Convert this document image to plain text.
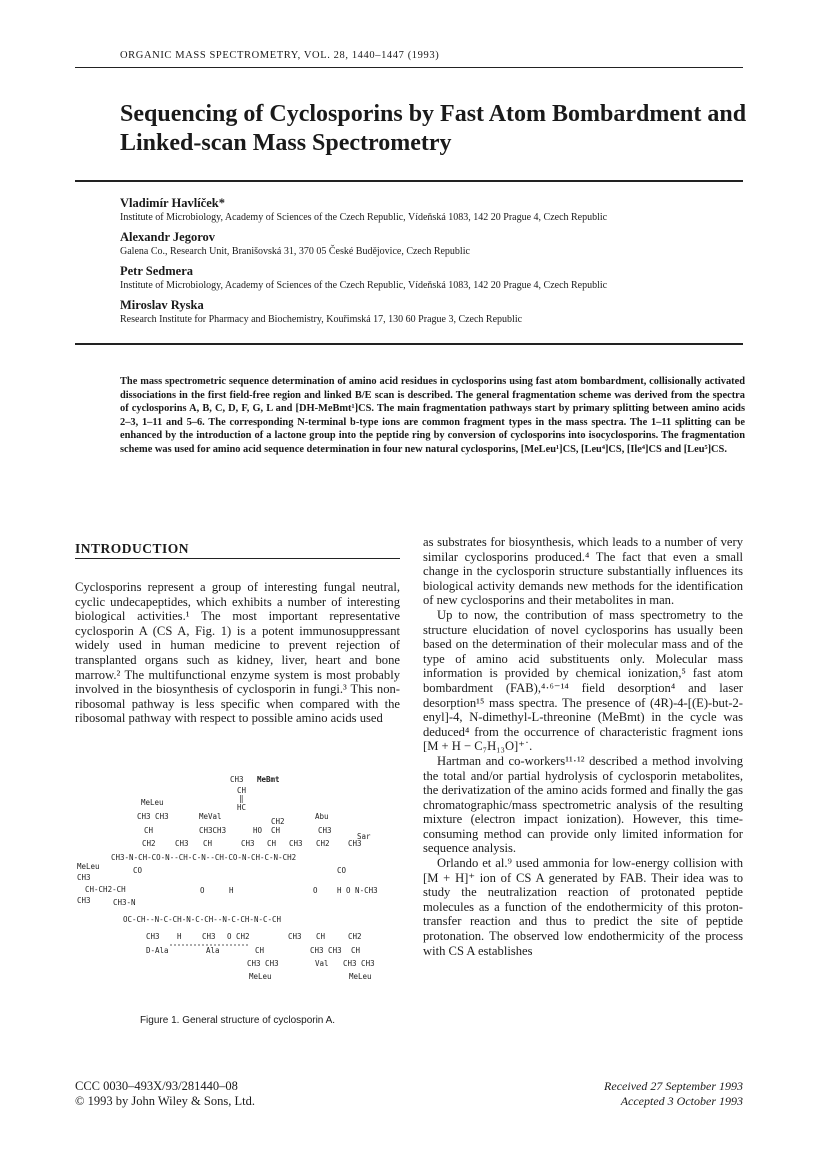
ORGANIC MASS SPECTROMETRY, VOL. 28, 1440–1447 (1993)
Sequencing of Cyclosporins by Fast Atom Bombardment and Linked-scan Mass Spectrometry
Vladimír Havlíček*
Institute of Microbiology, Academy of Sciences of the Czech Republic, Vídeňská 1083, 142 20 Prague 4, Czech Republic
Alexandr Jegorov
Galena Co., Research Unit, Branišovská 31, 370 05 České Budějovice, Czech Republic
Petr Sedmera
Institute of Microbiology, Academy of Sciences of the Czech Republic, Vídeňská 1083, 142 20 Prague 4, Czech Republic
Miroslav Ryska
Research Institute for Pharmacy and Biochemistry, Kouřimská 17, 130 60 Prague 3, Czech Republic
The mass spectrometric sequence determination of amino acid residues in cyclosporins using fast atom bombardment, collisionally activated dissociations in the first field-free region and linked B/E scan is described. The general fragmentation scheme was derived from the spectra of cyclosporins A, B, C, D, F, G, L and [DH-MeBmt¹]CS. The main fragmentation pathways start by primary splitting between amino acids 2–3, 1–11 and 5–6. The corresponding N-terminal b-type ions are common fragment types in the mass spectra. The 1–11 splitting can be enhanced by the introduction of a lactone group into the peptide ring by conversion of cyclosporins into isocyclosporins. The fragmentation scheme was used for amino acid sequence determination in four new natural cyclosporins, [MeLeu¹]CS, [Leu⁴]CS, [Ile⁴]CS and [Leu⁵]CS.
INTRODUCTION

Cyclosporins represent a group of interesting fungal neutral, cyclic undecapeptides, which exhibits a number of interesting biological activities.¹ The most important representative cyclosporin A (CS A, Fig. 1) is a potent immunosuppressant widely used in human medicine to prevent rejection of transplanted organs such as kidney, liver, heart and bone marrow.² The multifunctional enzyme system is most probably involved in the biosynthesis of cyclosporin in fungi.³ This non-ribosomal pathway is less specific when compared with the ribosomal pathway with respect to possible amino acids used

CH3 MeBmt
CH
‖
HC
MeLeu
MeVal	Abu
CH3 CH3
CH2
CH	CH3CH3	HO CH	CH3
Sar
CH2	CH3 CH	CH3 CH CH3 CH2 CH3
MeLeu
CH3-N-CH-CO-N--CH-C-N--CH-CO-N-CH-C-N-CH2
CH3
CO
CH-CH2-CH
CH3	CH3-N
CO
O	H	O	H O N-CH3
OC-CH--N-C-CH-N-C-CH--N-C-CH-N-C-CH
CH3 H	CH3 O CH2	CH3 CH	CH2
D-Ala	Ala	CH	CH3 CH3 CH
CH3 CH3	Val CH3 CH3
MeLeu	MeLeu
Figure 1. General structure of cyclosporin A.

as substrates for biosynthesis, which leads to a number of very similar cyclosporins produced.⁴ The fact that even a small change in the cyclosporin structure substantially influences its biological activity demands new methods for the identification of new cyclosporins and their metabolites in man.

Up to now, the contribution of mass spectrometry to the structure elucidation of novel cyclosporins has usually been based on the determination of their molecular mass and of the type of amino acid substituents only. Molecular mass information is provided by chemical ionization,⁵ fast atom bombardment (FAB),⁴·⁶⁻¹⁴ field desorption⁴ and laser desorption¹⁵ mass spectra. The presence of (4R)-4-[(E)-but-2-enyl]-4, N-dimethyl-L-threonine (MeBmt) in the cycle was deduced⁴ from the occurrence of characteristic fragment ions [M + H − C₇H₁₃O]⁺˙.

Hartman and co-workers¹¹·¹² described a method involving the total and/or partial hydrolysis of cyclosporin metabolites, the derivatization of the amino acids formed and finally the gas chromatographic/mass spectrometric analysis of the resulting mixture (electron impact ionization). However, this time-consuming method can provide only limited information for sequence analysis.

Orlando et al.⁹ used ammonia for low-energy collision with [M + H]⁺ ion of CS A generated by FAB. Their idea was to study the neutralization reaction of protonated peptide molecules as a function of the endothermicity of this proton-transfer reaction and thus to predict the site of peptide protonation. The observed low endothermicity of the process with CS A establishes

CCC 0030–493X/93/281440–08
© 1993 by John Wiley & Sons, Ltd.
Received 27 September 1993
Accepted 3 October 1993
